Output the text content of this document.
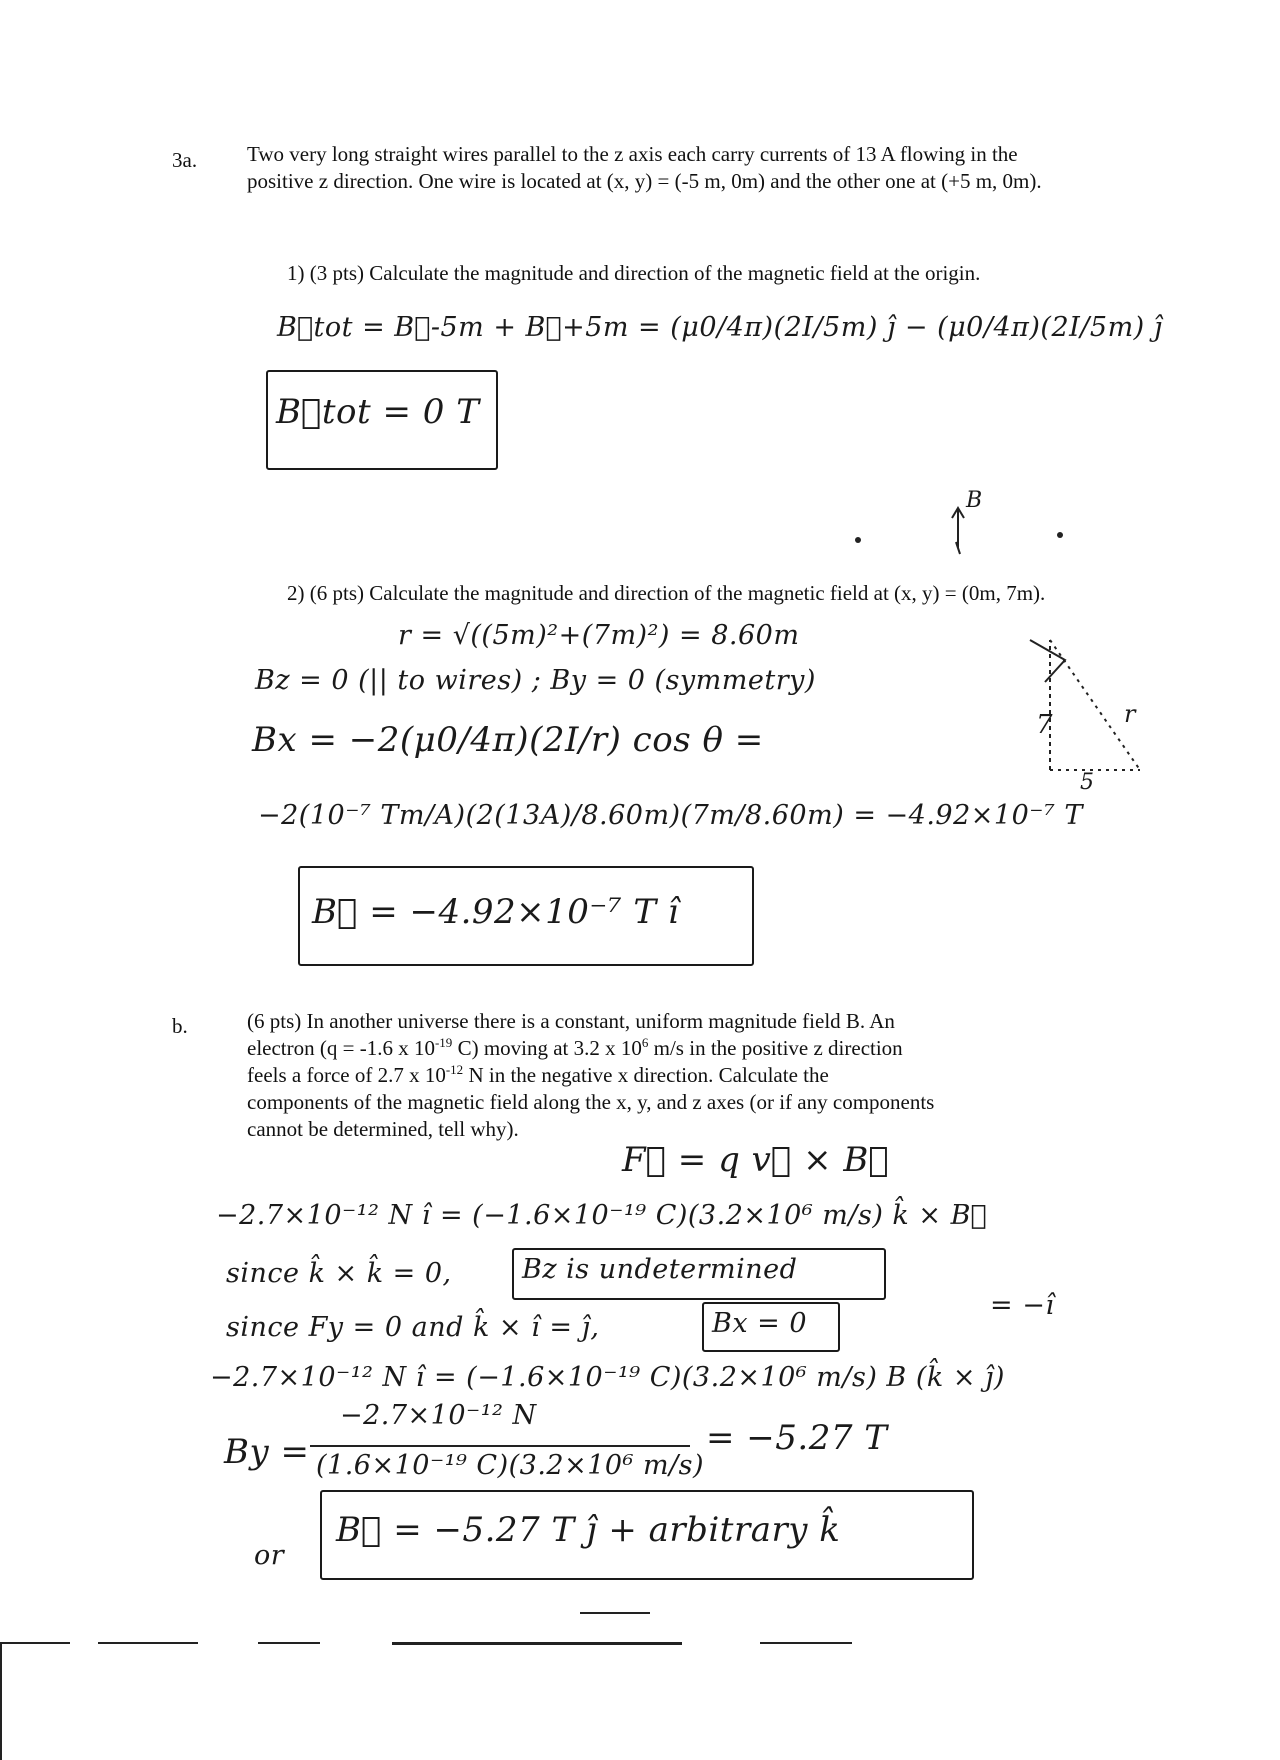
3a. Two very long straight wires parallel to the z axis each carry currents of 13 A flowing in the positive z direction. One wire is located at (x, y) = (-5 m, 0m) and the other one at (+5 m, 0m).
1) (3 pts) Calculate the magnitude and direction of the magnetic field at the origin.
B⃗tot = B⃗-5m + B⃗+5m = (μ0/4π)(2I/5m) ĵ − (μ0/4π)(2I/5m) ĵ
B⃗tot = 0 T
B
2) (6 pts) Calculate the magnitude and direction of the magnetic field at (x, y) = (0m, 7m).
r = √((5m)²+(7m)²) = 8.60m
Bz = 0 (|| to wires) ; By = 0 (symmetry)
Bx = −2(μ0/4π)(2I/r) cos θ =
−2(10⁻⁷ Tm/A)(2(13A)/8.60m)(7m/8.60m) = −4.92×10⁻⁷ T
B⃗ = −4.92×10⁻⁷ T î
7	r
5
b.	(6 pts) In another universe there is a constant, uniform magnitude field B. An
electron (q = -1.6 x $10^{-19}$ C) moving at 3.2 x $10^6$ m/s in the positive z direction
feels a force of 2.7 x $10^{-12}$ N in the negative x direction. Calculate the
components of the magnetic field along the x, y, and z axes (or if any components
cannot be determined, tell why).
F⃗ = q v⃗ × B⃗
−2.7×10⁻¹² N î = (−1.6×10⁻¹⁹ C)(3.2×10⁶ m/s) k̂ × B⃗
since k̂ × k̂ = 0,	Bz is undetermined
since Fy = 0 and k̂ × î = ĵ,	Bx = 0
= −î
−2.7×10⁻¹² N î = (−1.6×10⁻¹⁹ C)(3.2×10⁶ m/s) B (k̂ × ĵ)
By =
−2.7×10⁻¹² N
(1.6×10⁻¹⁹ C)(3.2×10⁶ m/s)
= −5.27 T
B⃗ = −5.27 T ĵ + arbitrary k̂
or
